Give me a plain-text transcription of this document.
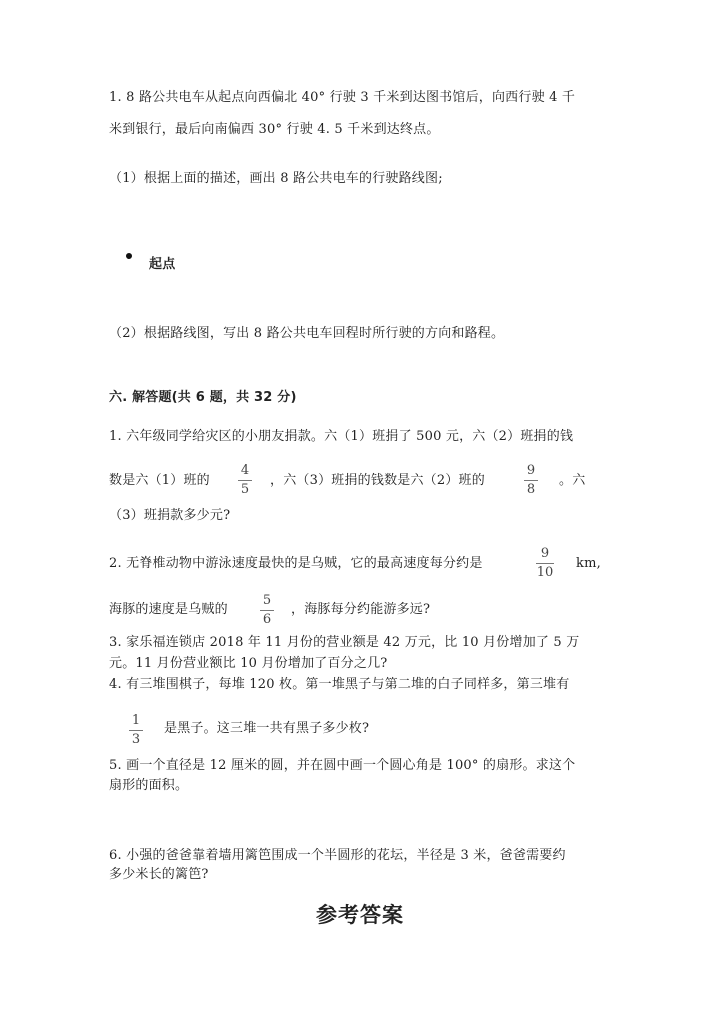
1. 8 路公共电车从起点向西偏北 40° 行驶 3 千米到达图书馆后，向西行驶 4 千
米到银行，最后向南偏西 30° 行驶 4. 5 千米到达终点。
（1）根据上面的描述，画出 8 路公共电车的行驶路线图;
起点
（2）根据路线图，写出 8 路公共电车回程时所行驶的方向和路程。
六. 解答题(共 6 题，共 32 分)
1. 六年级同学给灾区的小朋友捐款。六（1）班捐了 500 元，六（2）班捐的钱
数是六（1）班的
4
5
，六（3）班捐的钱数是六（2）班的
9
8
。六
（3）班捐款多少元?
2. 无脊椎动物中游泳速度最快的是乌贼，它的最高速度每分约是
9
10
km,
海豚的速度是乌贼的
5
6
，海豚每分约能游多远?
3. 家乐福连锁店 2018 年 11 月份的营业额是 42 万元，比 10 月份增加了 5 万
元。11 月份营业额比 10 月份增加了百分之几?
4. 有三堆围棋子，每堆 120 枚。第一堆黑子与第二堆的白子同样多，第三堆有
1
3
是黑子。这三堆一共有黑子多少枚?
5. 画一个直径是 12 厘米的圆，并在圆中画一个圆心角是 100° 的扇形。求这个
扇形的面积。
6. 小强的爸爸靠着墙用篱笆围成一个半圆形的花坛，半径是 3 米，爸爸需要约
多少米长的篱笆?
参考答案
